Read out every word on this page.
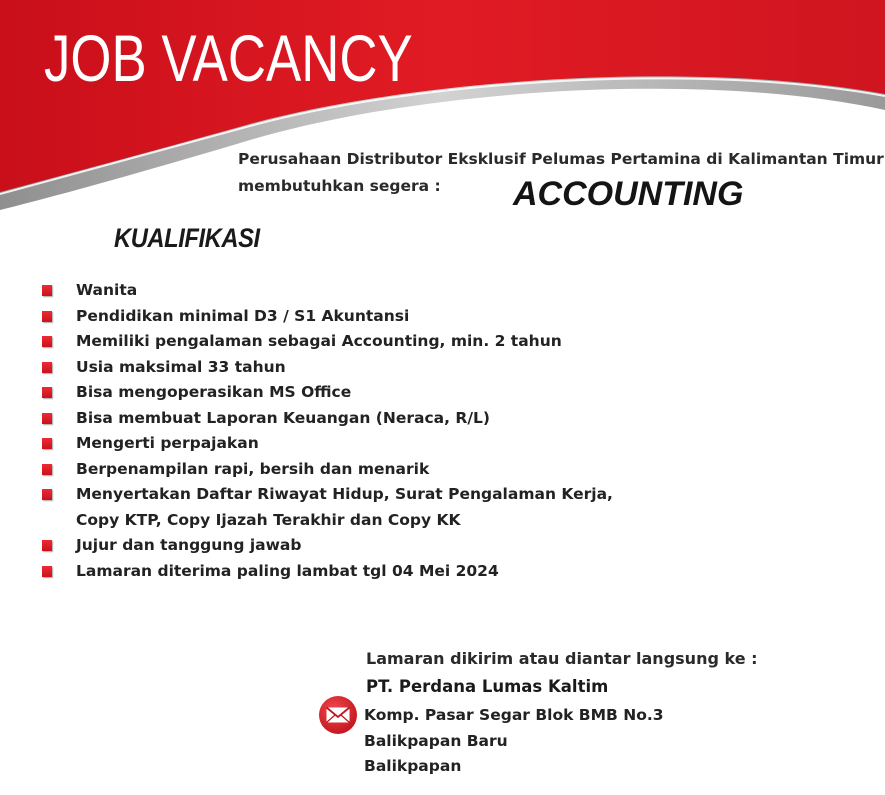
JOB VACANCY
Perusahaan Distributor Eksklusif Pelumas Pertamina di Kalimantan Timur
membutuhkan segera :	ACCOUNTING
KUALIFIKASI
Wanita
Pendidikan minimal D3 / S1 Akuntansi
Memiliki pengalaman sebagai Accounting, min. 2 tahun
Usia maksimal 33 tahun
Bisa mengoperasikan MS Office
Bisa membuat Laporan Keuangan (Neraca, R/L)
Mengerti perpajakan
Berpenampilan rapi, bersih dan menarik
Menyertakan Daftar Riwayat Hidup, Surat Pengalaman Kerja,
Copy KTP, Copy Ijazah Terakhir dan Copy KK
Jujur dan tanggung jawab
Lamaran diterima paling lambat tgl 04 Mei 2024
Lamaran dikirim atau diantar langsung ke :
PT. Perdana Lumas Kaltim
Komp. Pasar Segar Blok BMB No.3
Balikpapan Baru
Balikpapan
